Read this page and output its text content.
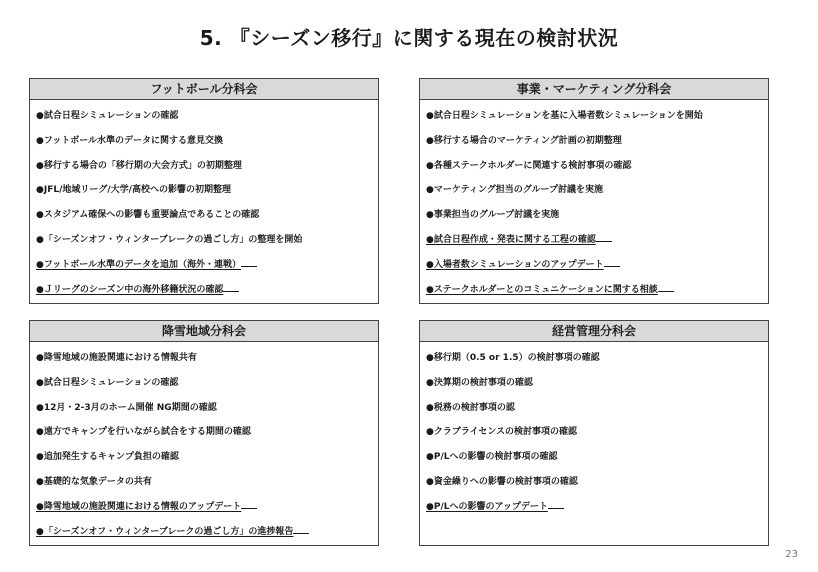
5. 『シーズン移行』に関する現在の検討状況
フットボール分科会
●試合日程シミュレーションの確認
●フットボール水準のデータに関する意見交換
●移行する場合の「移行期の大会方式」の初期整理
●JFL/地域リーグ/大学/高校への影響の初期整理
●スタジアム確保への影響も重要論点であることの確認
●「シーズンオフ・ウィンターブレークの過ごし方」の整理を開始
●フットボール水準のデータを追加（海外・連戦）
●Ｊリーグのシーズン中の海外移籍状況の確認
事業・マーケティング分科会
●試合日程シミュレーションを基に入場者数シミュレーションを開始
●移行する場合のマーケティング計画の初期整理
●各種ステークホルダーに関連する検討事項の確認
●マーケティング担当のグループ討議を実施
●事業担当のグループ討議を実施
●試合日程作成・発表に関する工程の確認
●入場者数シミュレーションのアップデート
●ステークホルダーとのコミュニケーションに関する相談
降雪地域分科会
●降雪地域の施設関連における情報共有
●試合日程シミュレーションの確認
●12月・2-3月のホーム開催 NG期間の確認
●遠方でキャンプを行いながら試合をする期間の確認
●追加発生するキャンプ負担の確認
●基礎的な気象データの共有
●降雪地域の施設関連における情報のアップデート
●「シーズンオフ・ウィンターブレークの過ごし方」の進捗報告
経営管理分科会
●移行期（0.5 or 1.5）の検討事項の確認
●決算期の検討事項の確認
●税務の検討事項の認
●クラブライセンスの検討事項の確認
●P/Lへの影響の検討事項の確認
●資金繰りへの影響の検討事項の確認
●P/Lへの影響のアップデート
23
